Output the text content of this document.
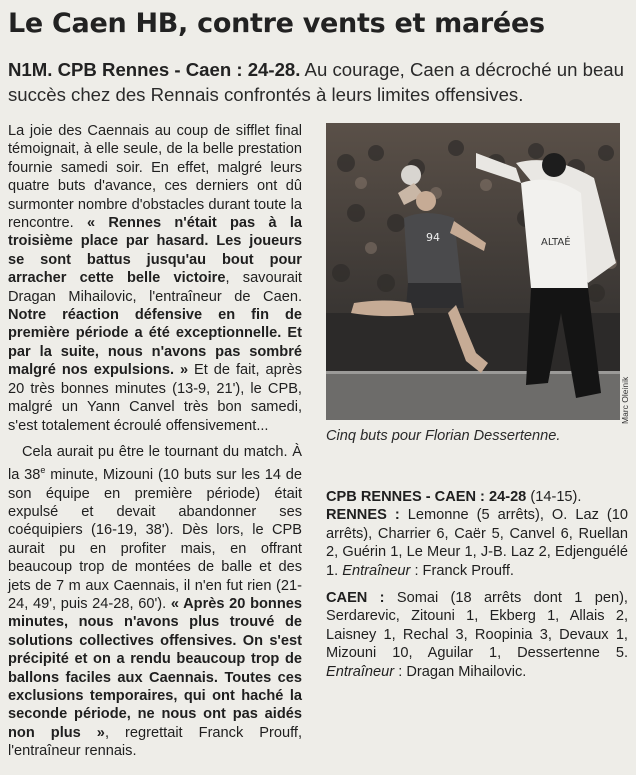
Le Caen HB, contre vents et marées
N1M. CPB Rennes - Caen : 24-28. Au courage, Caen a décroché un beau succès chez des Rennais confrontés à leurs limites offensives.

La joie des Caennais au coup de sifflet final témoignait, à elle seule, de la belle prestation fournie samedi soir. En effet, malgré leurs quatre buts d'avance, ces derniers ont dû surmonter nombre d'obstacles durant toute la rencontre. « Rennes n'était pas à la troisième place par hasard. Les joueurs se sont battus jusqu'au bout pour arracher cette belle victoire, savourait Dragan Mihailovic, l'entraîneur de Caen. Notre réaction défensive en fin de première période a été exceptionnelle. Et par la suite, nous n'avons pas sombré malgré nos expulsions. » Et de fait, après 20 très bonnes minutes (13-9, 21'), le CPB, malgré un Yann Canvel très bon samedi, s'est totalement écroulé offensivement...

Cela aurait pu être le tournant du match. À la 38e minute, Mizouni (10 buts sur les 14 de son équipe en première période) était expulsé et devait abandonner ses coéquipiers (16-19, 38'). Dès lors, le CPB aurait pu en profiter mais, en offrant beaucoup trop de montées de balle et des jets de 7 m aux Caennais, il n'en fut rien (21-24, 49', puis 24-28, 60'). « Après 20 bonnes minutes, nous n'avons plus trouvé de solutions collectives offensives. On s'est précipité et on a rendu beaucoup trop de ballons faciles aux Caennais. Toutes ces exclusions temporaires, qui ont haché la seconde période, ne nous ont pas aidés non plus », regrettait Franck Prouff, l'entraîneur rennais.

94	ALTAÉ
Marc Oleinik
Cinq buts pour Florian Dessertenne.

CPB RENNES - CAEN : 24-28 (14-15).
RENNES : Lemonne (5 arrêts), O. Laz (10 arrêts), Charrier 6, Caër 5, Canvel 6, Ruellan 2, Guérin 1, Le Meur 1, J-B. Laz 2, Edjenguélé 1. Entraîneur : Franck Prouff.

CAEN : Somai (18 arrêts dont 1 pen), Serdarevic, Zitouni 1, Ekberg 1, Allais 2, Laisney 1, Rechal 3, Roopinia 3, Devaux 1, Mizouni 10, Aguilar 1, Dessertenne 5. Entraîneur : Dragan Mihailovic.
